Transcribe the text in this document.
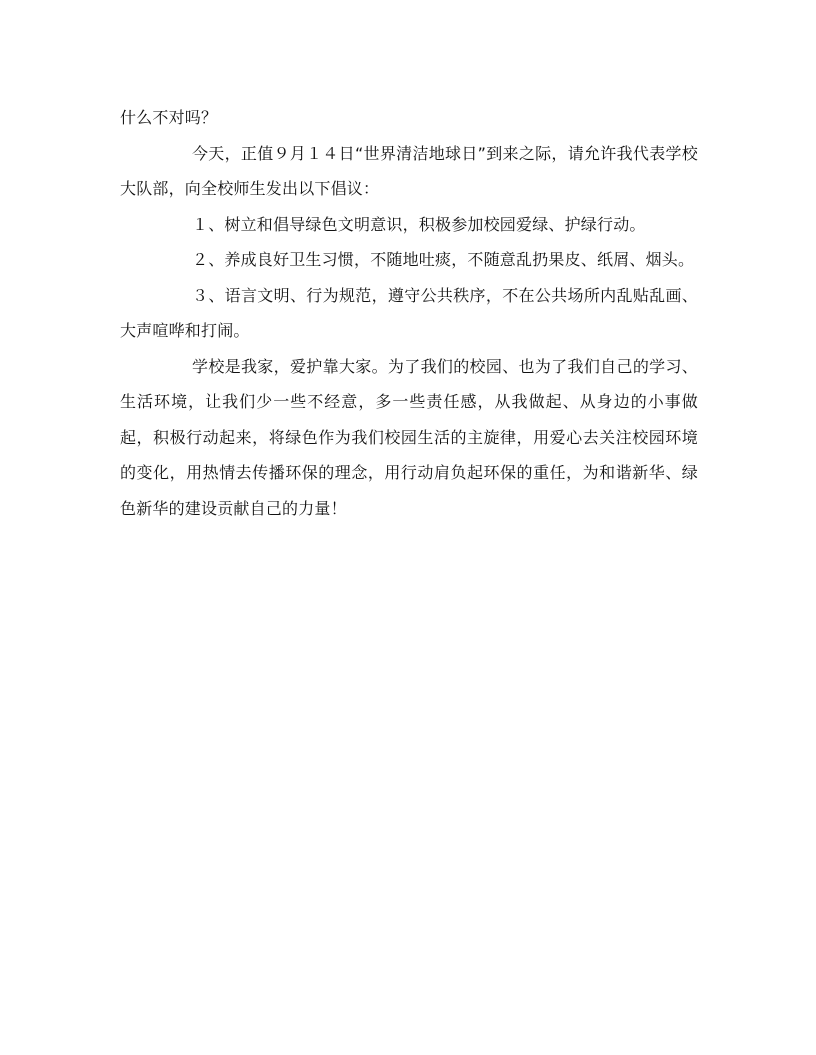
什么不对吗？

今天，正值９月１４日“世界清洁地球日”到来之际，请允许我代表学校大队部，向全校师生发出以下倡议：

１、树立和倡导绿色文明意识，积极参加校园爱绿、护绿行动。

２、养成良好卫生习惯，不随地吐痰，不随意乱扔果皮、纸屑、烟头。

３、语言文明、行为规范，遵守公共秩序，不在公共场所内乱贴乱画、大声喧哗和打闹。

学校是我家，爱护靠大家。为了我们的校园、也为了我们自己的学习、生活环境，让我们少一些不经意，多一些责任感，从我做起、从身边的小事做起，积极行动起来，将绿色作为我们校园生活的主旋律，用爱心去关注校园环境的变化，用热情去传播环保的理念，用行动肩负起环保的重任，为和谐新华、绿色新华的建设贡献自己的力量！
